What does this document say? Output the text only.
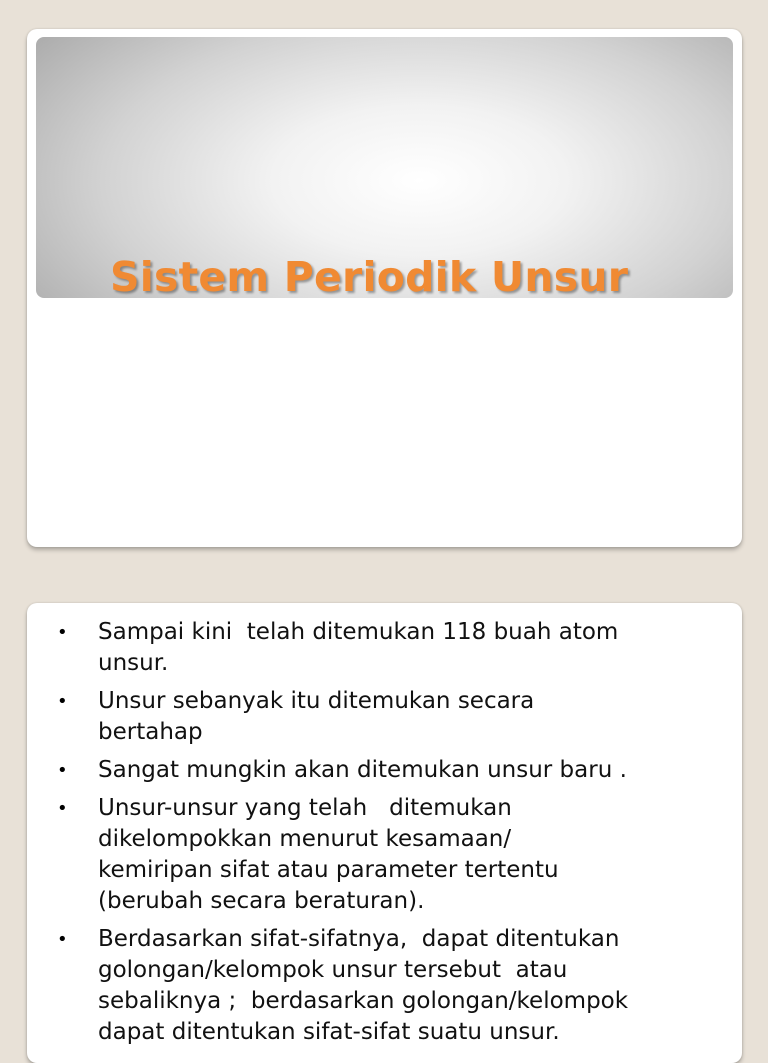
Sistem Periodik Unsur
• Sampai kini  telah ditemukan 118 buah atom
unsur.
• Unsur sebanyak itu ditemukan secara
bertahap
• Sangat mungkin akan ditemukan unsur baru .
• Unsur-unsur yang telah   ditemukan
dikelompokkan menurut kesamaan/
kemiripan sifat atau parameter tertentu
(berubah secara beraturan).
• Berdasarkan sifat-sifatnya,  dapat ditentukan
golongan/kelompok unsur tersebut  atau
sebaliknya ;  berdasarkan golongan/kelompok
dapat ditentukan sifat-sifat suatu unsur.
